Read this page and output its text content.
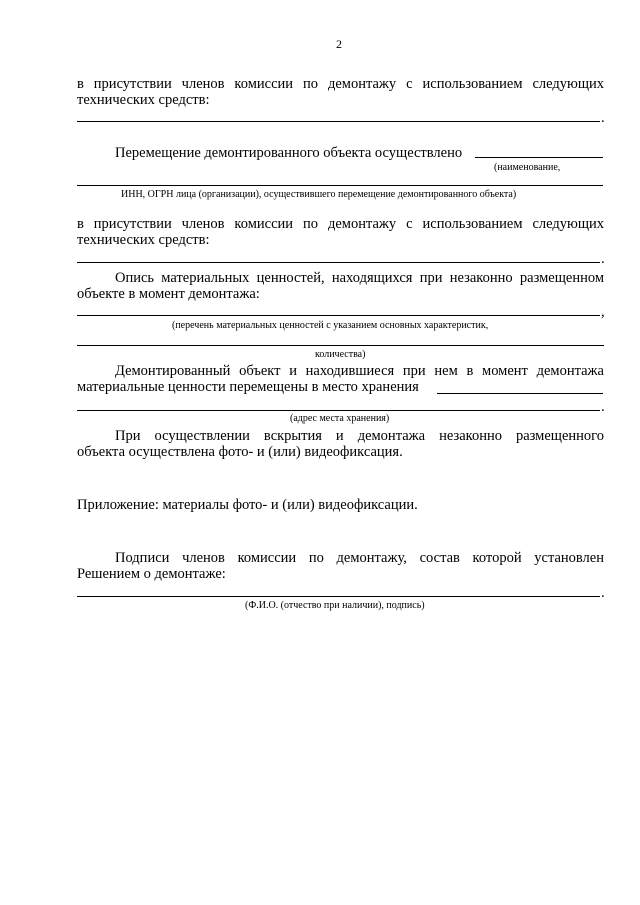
2
в присутствии членов комиссии по демонтажу с использованием следующих
технических средств:
.
Перемещение демонтированного объекта осуществлено
(наименование,
ИНН, ОГРН лица (организации), осуществившего перемещение демонтированного объекта)
в присутствии членов комиссии по демонтажу с использованием следующих
технических средств:
.
Опись материальных ценностей, находящихся при незаконно размещенном
объекте в момент демонтажа:
,
(перечень материальных ценностей с указанием основных характеристик,
количества)
Демонтированный объект и находившиеся при нем в момент демонтажа
материальные ценности перемещены в место хранения
.
(адрес места хранения)
При осуществлении вскрытия и демонтажа незаконно размещенного
объекта осуществлена фото- и (или) видеофиксация.
Приложение: материалы фото- и (или) видеофиксации.
Подписи членов комиссии по демонтажу, состав которой установлен
Решением о демонтаже:
.
(Ф.И.О. (отчество при наличии), подпись)
